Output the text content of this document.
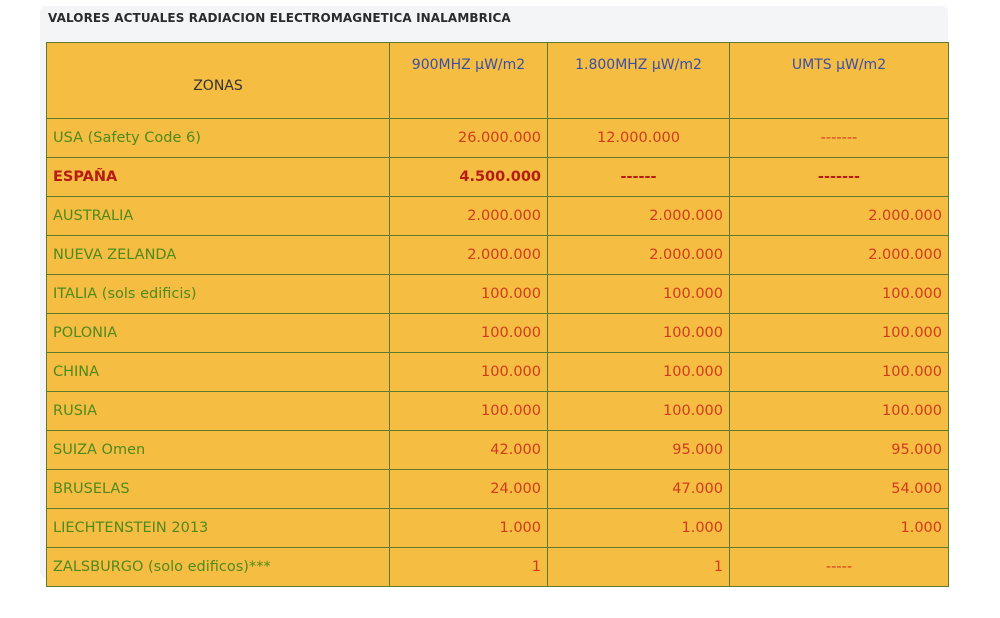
VALORES ACTUALES RADIACION ELECTROMAGNETICA INALAMBRICA
ZONAS	900MHZ µW/m2	1.800MHZ µW/m2	UMTS µW/m2
USA (Safety Code 6)	26.000.000	12.000.000	-------
ESPAÑA	4.500.000	------	-------
AUSTRALIA	2.000.000	2.000.000	2.000.000
NUEVA ZELANDA	2.000.000	2.000.000	2.000.000
ITALIA (sols edificis)	100.000	100.000	100.000
POLONIA	100.000	100.000	100.000
CHINA	100.000	100.000	100.000
RUSIA	100.000	100.000	100.000
SUIZA Omen	42.000	95.000	95.000
BRUSELAS	24.000	47.000	54.000
LIECHTENSTEIN 2013	1.000	1.000	1.000
ZALSBURGO (solo edificos)***	1	1	-----
